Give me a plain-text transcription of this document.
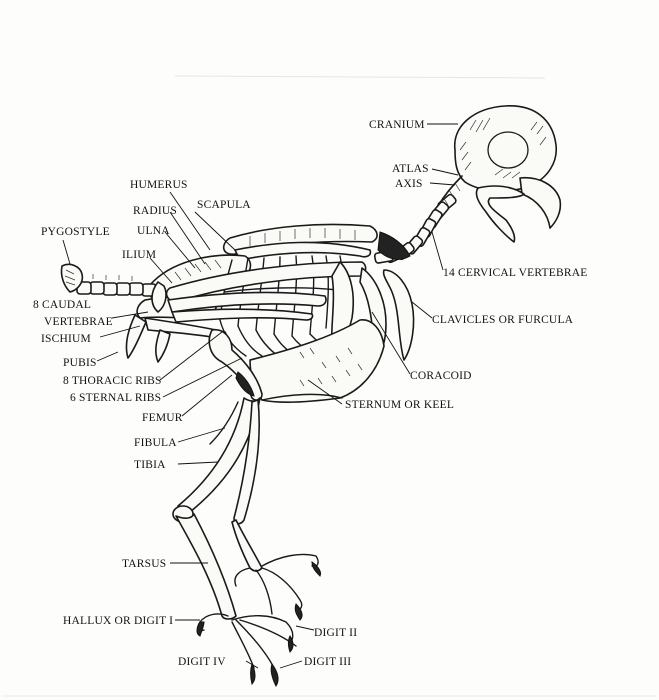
CRANIUM
ATLAS
AXIS
HUMERUS
RADIUS SCAPULA
ULNA
PYGOSTYLE
ILIUM
14 CERVICAL VERTEBRAE
8 CAUDAL
VERTEBRAE	CLAVICLES OR FURCULA
ISCHIUM
PUBIS
CORACOID
8 THORACIC RIBS
6 STERNAL RIBS
STERNUM OR KEEL
FEMUR
FIBULA
TIBIA
TARSUS
HALLUX OR DIGIT I
DIGIT II
DIGIT IV	DIGIT III
